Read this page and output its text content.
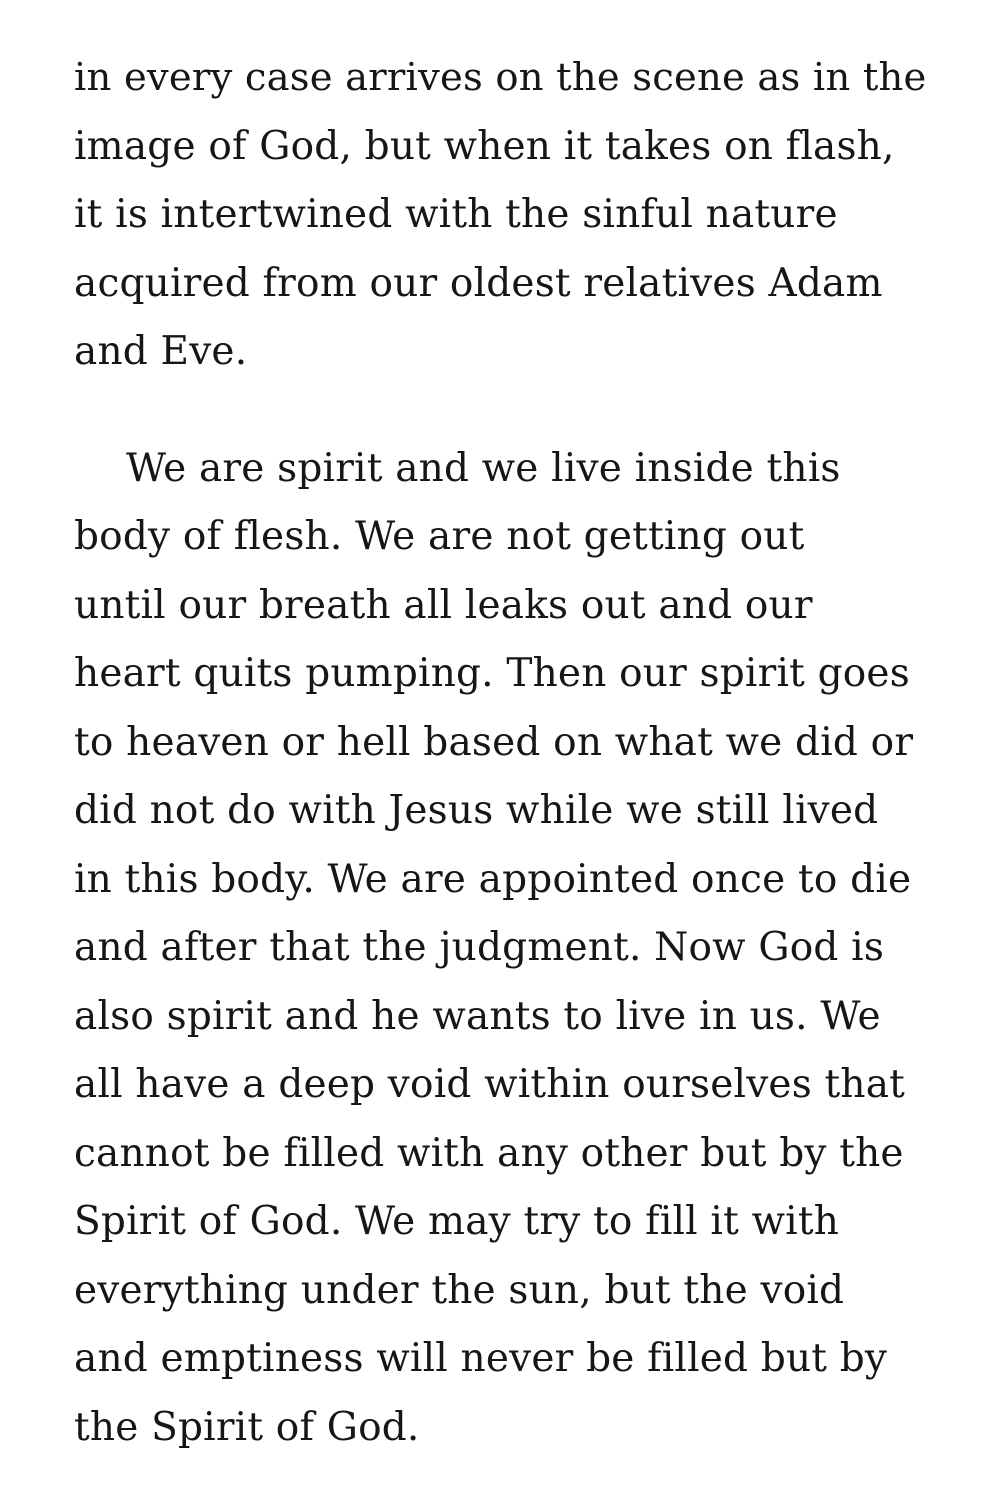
in every case arrives on the scene as in the
image of God, but when it takes on flash,
it is intertwined with the sinful nature
acquired from our oldest relatives Adam
and Eve.
We are spirit and we live inside this
body of flesh. We are not getting out
until our breath all leaks out and our
heart quits pumping. Then our spirit goes
to heaven or hell based on what we did or
did not do with Jesus while we still lived
in this body. We are appointed once to die
and after that the judgment. Now God is
also spirit and he wants to live in us. We
all have a deep void within ourselves that
cannot be filled with any other but by the
Spirit of God. We may try to fill it with
everything under the sun, but the void
and emptiness will never be filled but by
the Spirit of God.
